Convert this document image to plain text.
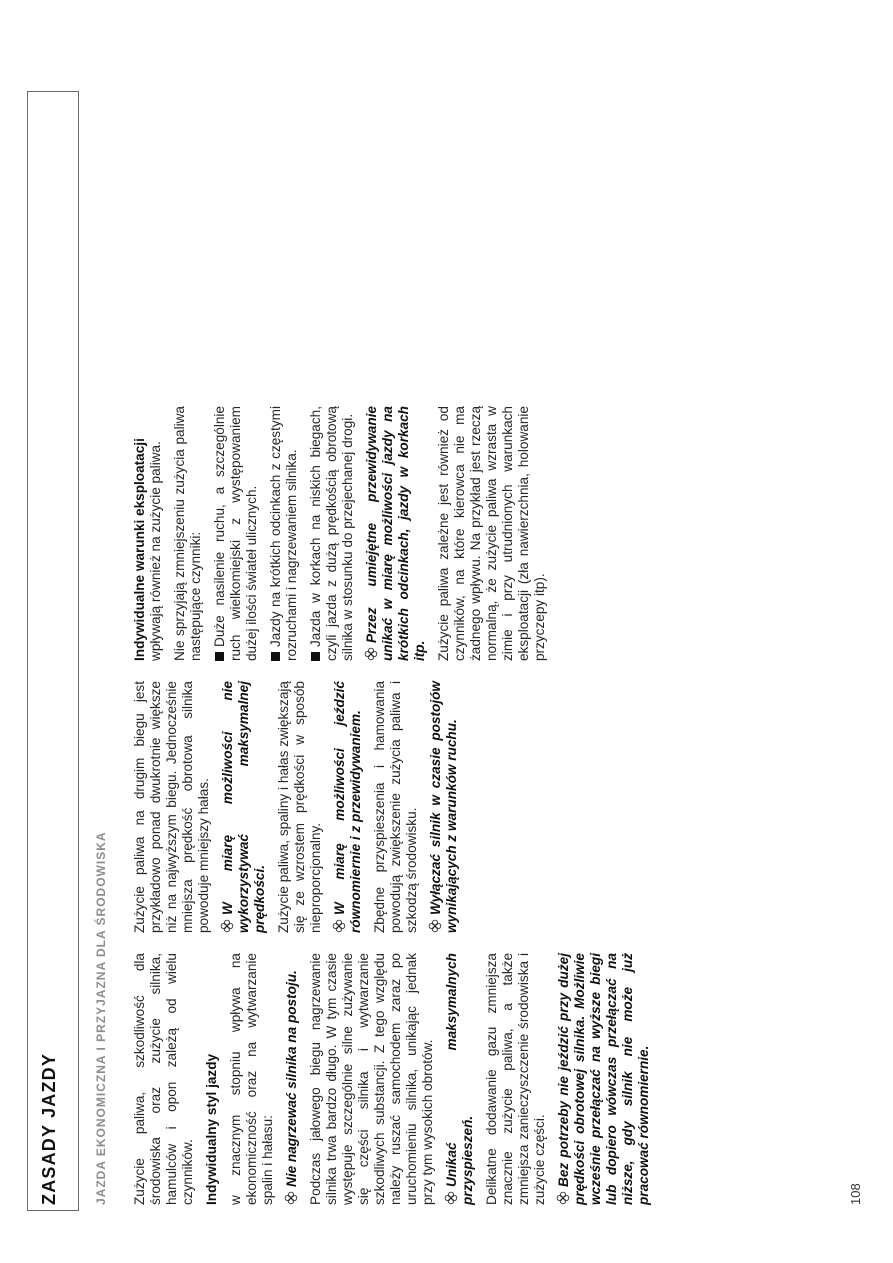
ZASADY JAZDY	JAZDA EKONOMICZNA I PRZYJAZNA DLA ŚRODOWISKA Zużycie paliwa, szkodliwość dla środowiska oraz zużycie silnika, hamulców i opon zależą od wielu czynników. Indywidualny styl jazdy w znacznym stopniu wpływa na ekonomiczność oraz na wytwarzanie spalin i hałasu: Nie nagrzewać silnika na postoju. Podczas jałowego biegu nagrzewanie silnika trwa bardzo długo. W tym czasie występuje szczególnie silne zużywanie się części silnika i wytwarzanie szkodliwych substancji. Z tego względu należy ruszać samochodem zaraz po uruchomieniu silnika, unikając jednak przy tym wysokich obrotów. Unikać maksymalnych przyspieszeń. Delikatne dodawanie gazu zmniejsza znacznie zużycie paliwa, a także zmniejsza zanieczyszczenie środowiska i zużycie części. Bez potrzeby nie jeździć przy dużej prędkości obrotowej silnika. Możliwie wcześnie przełączać na wyższe biegi lub dopiero wówczas przełączać na niższe, gdy silnik nie może już pracować równomiernie.

Zużycie paliwa na drugim biegu jest przykładowo ponad dwukrotnie większe niż na najwyższym biegu. Jednocześnie mniejsza prędkość obrotowa silnika powoduje mniejszy hałas. W miarę możliwości nie wykorzystywać maksymalnej prędkości. Zużycie paliwa, spaliny i hałas zwiększają się ze wzrostem prędkości w sposób nieproporcjonalny. W miarę możliwości jeździć równomiernie i z przewidywaniem. Zbędne przyspieszenia i hamowania powodują zwiększenie zużycia paliwa i szkodzą środowisku. Wyłączać silnik w czasie postojów wynikających z warunków ruchu.

Indywidualne warunki eksploatacji wpływają również na zużycie paliwa. Nie sprzyjają zmniejszeniu zużycia paliwa następujące czynniki: Duże nasilenie ruchu, a szczególnie ruch wielkomiejski z występowaniem dużej ilości świateł ulicznych. Jazdy na krótkich odcinkach z częstymi rozruchami i nagrzewaniem silnika. Jazda w korkach na niskich biegach, czyli jazda z dużą prędkością obrotową silnika w stosunku do przejechanej drogi. Przez umiejętne przewidywanie unikać w miarę możliwości jazdy na krótkich odcinkach, jazdy w korkach itp. Zużycie paliwa zależne jest również od czynników, na które kierowca nie ma żadnego wpływu. Na przykład jest rzeczą normalną, że zużycie paliwa wzrasta w zimie i przy utrudnionych warunkach eksploatacji (zła nawierzchnia, holowanie przyczepy itp).

108
